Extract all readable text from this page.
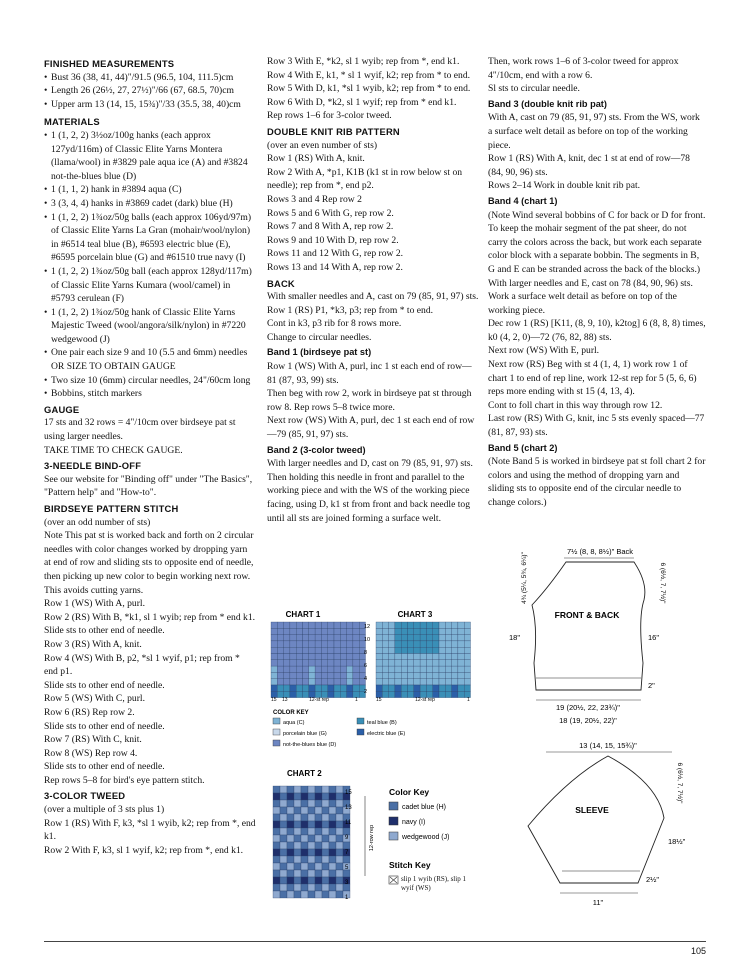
FINISHED MEASUREMENTS
• Bust 36 (38, 41, 44)"/91.5 (96.5, 104, 111.5)cm
• Length 26 (26½, 27, 27½)"/66 (67, 68.5, 70)cm
• Upper arm 13 (14, 15, 15¾)"/33 (35.5, 38, 40)cm
MATERIALS
• 1 (1, 2, 2) 3½oz/100g hanks (each approx 127yd/116m) of Classic Elite Yarns Montera (llama/wool) in #3829 pale aqua ice (A) and #3824 not-the-blues blue (D)
• 1 (1, 1, 2) hank in #3894 aqua (C)
• 3 (3, 4, 4) hanks in #3869 cadet (dark) blue (H)
• 1 (1, 2, 2) 1¾oz/50g balls (each approx 106yd/97m) of Classic Elite Yarns La Gran (mohair/wool/nylon) in #6514 teal blue (B), #6593 electric blue (E), #6595 porcelain blue (G) and #61510 true navy (I)
• 1 (1, 2, 2) 1¾oz/50g ball (each approx 128yd/117m) of Classic Elite Yarns Kumara (wool/camel) in #5793 cerulean (F)
• 1 (1, 2, 2) 1¾oz/50g hank of Classic Elite Yarns Majestic Tweed (wool/angora/silk/nylon) in #7220 wedgewood (J)
• One pair each size 9 and 10 (5.5 and 6mm) needles OR SIZE TO OBTAIN GAUGE
• Two size 10 (6mm) circular needles, 24"/60cm long
• Bobbins, stitch markers
GAUGE

17 sts and 32 rows = 4"/10cm over birdseye pat st using larger needles.

TAKE TIME TO CHECK GAUGE.

3-NEEDLE BIND-OFF

See our website for "Binding off" under "The Basics", "Pattern help" and "How-to".

BIRDSEYE PATTERN STITCH

(over an odd number of sts)

Note This pat st is worked back and forth on 2 circular needles with color changes worked by dropping yarn at end of row and sliding sts to opposite end of needle, then picking up new color to begin working next row. This avoids cutting yarns.

Row 1 (WS) With A, purl.

Row 2 (RS) With B, *k1, sl 1 wyib; rep from * end k1.

Slide sts to other end of needle.

Row 3 (RS) With A, knit.

Row 4 (WS) With B, p2, *sl 1 wyif, p1; rep from * end p1.

Slide sts to other end of needle.

Row 5 (WS) With C, purl.

Row 6 (RS) Rep row 2.

Slide sts to other end of needle.

Row 7 (RS) With C, knit.

Row 8 (WS) Rep row 4.

Slide sts to other end of needle.

Rep rows 5–8 for bird's eye pattern stitch.

3-COLOR TWEED

(over a multiple of 3 sts plus 1)

Row 1 (RS) With F, k3, *sl 1 wyib, k2; rep from *, end k1.

Row 2 With F, k3, sl 1 wyif, k2; rep from *, end k1.

Row 3 With E, *k2, sl 1 wyib; rep from *, end k1.

Row 4 With E, k1, * sl 1 wyif, k2; rep from * to end.

Row 5 With D, k1, *sl 1 wyib, k2; rep from * to end.

Row 6 With D, *k2, sl 1 wyif; rep from * end k1.

Rep rows 1–6 for 3-color tweed.

DOUBLE KNIT RIB PATTERN

(over an even number of sts)

Row 1 (RS) With A, knit.

Row 2 With A, *p1, K1B (k1 st in row below st on needle); rep from *, end p2.

Rows 3 and 4 Rep row 2

Rows 5 and 6 With G, rep row 2.

Rows 7 and 8 With A, rep row 2.

Rows 9 and 10 With D, rep row 2.

Rows 11 and 12 With G, rep row 2.

Rows 13 and 14 With A, rep row 2.

BACK

With smaller needles and A, cast on 79 (85, 91, 97) sts.

Row 1 (RS) P1, *k3, p3; rep from * to end.

Cont in k3, p3 rib for 8 rows more.

Change to circular needles.

Band 1 (birdseye pat st)

Row 1 (WS) With A, purl, inc 1 st each end of row—81 (87, 93, 99) sts.

Then beg with row 2, work in birdseye pat st through row 8. Rep rows 5–8 twice more.

Next row (WS) With A, purl, dec 1 st each end of row—79 (85, 91, 97) sts.

Band 2 (3-color tweed)

With larger needles and D, cast on 79 (85, 91, 97) sts. Then holding this needle in front and parallel to the working piece and with the WS of the working piece facing, using D, k1 st from front and back needle tog until all sts are joined forming a surface welt.

Then, work rows 1–6 of 3-color tweed for approx 4"/10cm, end with a row 6.

Sl sts to circular needle.

Band 3 (double knit rib pat)

With A, cast on 79 (85, 91, 97) sts. From the WS, work a surface welt detail as before on top of the working piece.

Row 1 (RS) With A, knit, dec 1 st at end of row—78 (84, 90, 96) sts.

Rows 2–14 Work in double knit rib pat.

Band 4 (chart 1)

(Note Wind several bobbins of C for back or D for front. To keep the mohair segment of the pat sheer, do not carry the colors across the back, but work each separate color block with a separate bobbin. The segments in B, G and E can be stranded across the back of the blocks.)

With larger needles and E, cast on 78 (84, 90, 96) sts. Work a surface welt detail as before on top of the working piece.

Dec row 1 (RS) [K11, (8, 9, 10), k2tog] 6 (8, 8, 8) times, k0 (4, 2, 0)—72 (76, 82, 88) sts.

Next row (WS) With E, purl.

Next row (RS) Beg with st 4 (1, 4, 1) work row 1 of chart 1 to end of rep line, work 12-st rep for 5 (5, 6, 6) reps more ending with st 15 (4, 13, 4).

Cont to foll chart in this way through row 12.

Last row (RS) With G, knit, inc 5 sts evenly spaced—77 (81, 87, 93) sts.

Band 5 (chart 2)

(Note Band 5 is worked in birdseye pat st foll chart 2 for colors and using the method of dropping yarn and sliding sts to opposite end of the circular needle to change colors.)

CHART 1	CHART 3
12
10
8
6
4
2
15 13	1
12-st rep	15	1
12-st rep
COLOR KEY
aqua (C)	teal blue (B)
porcelain blue (G)	electric blue (E)
not-the-blues blue (D)
CHART 2
15
13
11
9
7
5
3
1
12-row rep
Color Key
cadet blue (H)
navy (I)
wedgewood (J)
Stitch Key
slip 1 wyib (RS), slip 1 wyif (WS)
7½ (8, 8, 8½)" Back
FRONT & BACK
4¾ (5¼, 5¾, 6¼)"	6 (6½, 7, 7½)"
18"	16"
2"
19 (20½, 22, 23¾)"
18 (19, 20½, 22)"
13 (14, 15, 15¾)"
SLEEVE
6 (6½, 7, 7½)"
18½"
2½"
11"
105
